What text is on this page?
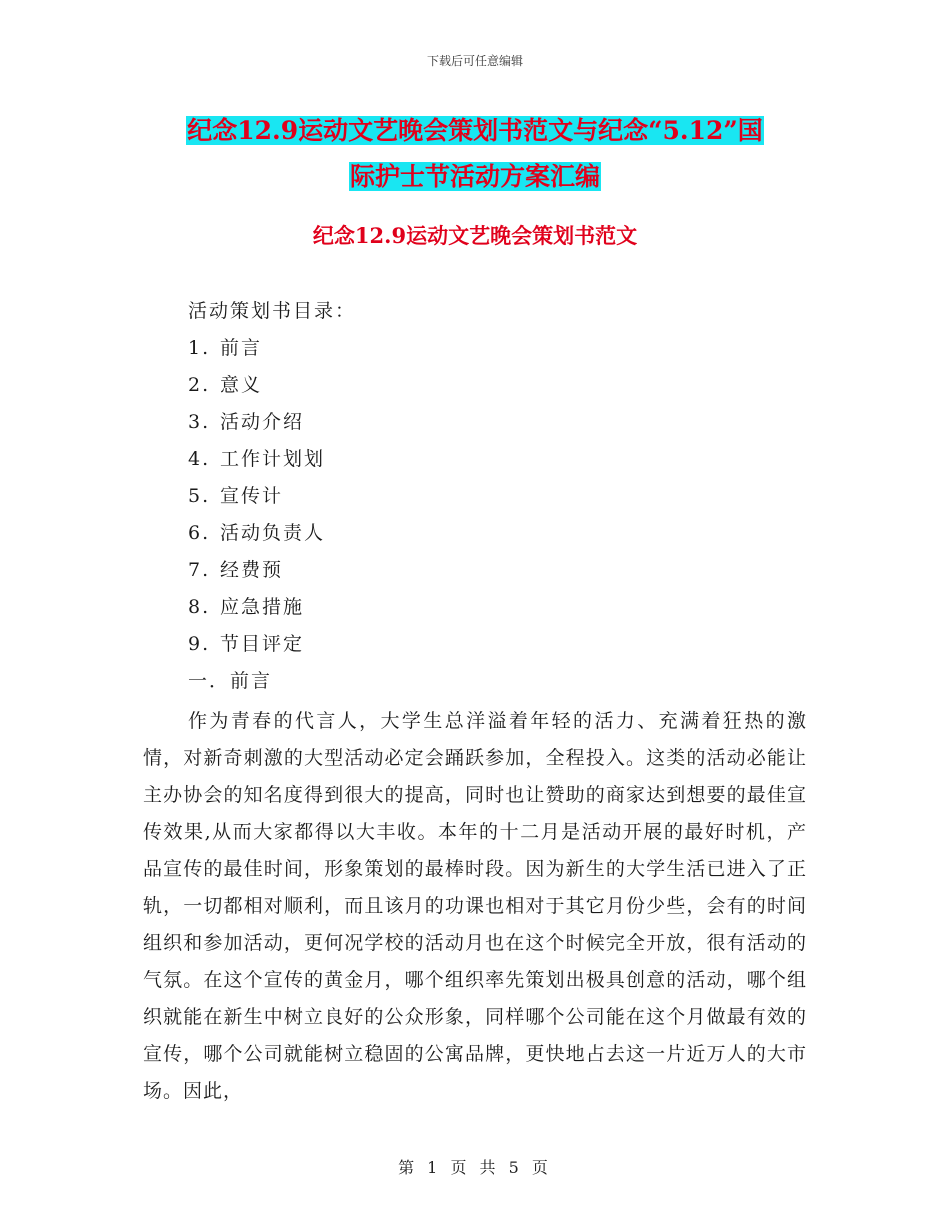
下载后可任意编辑
纪念12.9运动文艺晚会策划书范文与纪念“5.12”国
际护士节活动方案汇编
纪念12.9运动文艺晚会策划书范文
活动策划书目录：
1. 前言
2. 意义
3. 活动介绍
4. 工作计划划
5. 宣传计
6. 活动负责人
7. 经费预
8. 应急措施
9. 节目评定
一．前言

作为青春的代言人，大学生总洋溢着年轻的活力、充满着狂热的激情，对新奇刺激的大型活动必定会踊跃参加，全程投入。这类的活动必能让主办协会的知名度得到很大的提高，同时也让赞助的商家达到想要的最佳宣传效果,从而大家都得以大丰收。本年的十二月是活动开展的最好时机，产品宣传的最佳时间，形象策划的最棒时段。因为新生的大学生活已进入了正轨，一切都相对顺利，而且该月的功课也相对于其它月份少些，会有的时间组织和参加活动，更何况学校的活动月也在这个时候完全开放，很有活动的气氛。在这个宣传的黄金月，哪个组织率先策划出极具创意的活动，哪个组织就能在新生中树立良好的公众形象，同样哪个公司能在这个月做最有效的宣传，哪个公司就能树立稳固的公寓品牌，更快地占去这一片近万人的大市场。因此，

第 1 页 共 5 页
